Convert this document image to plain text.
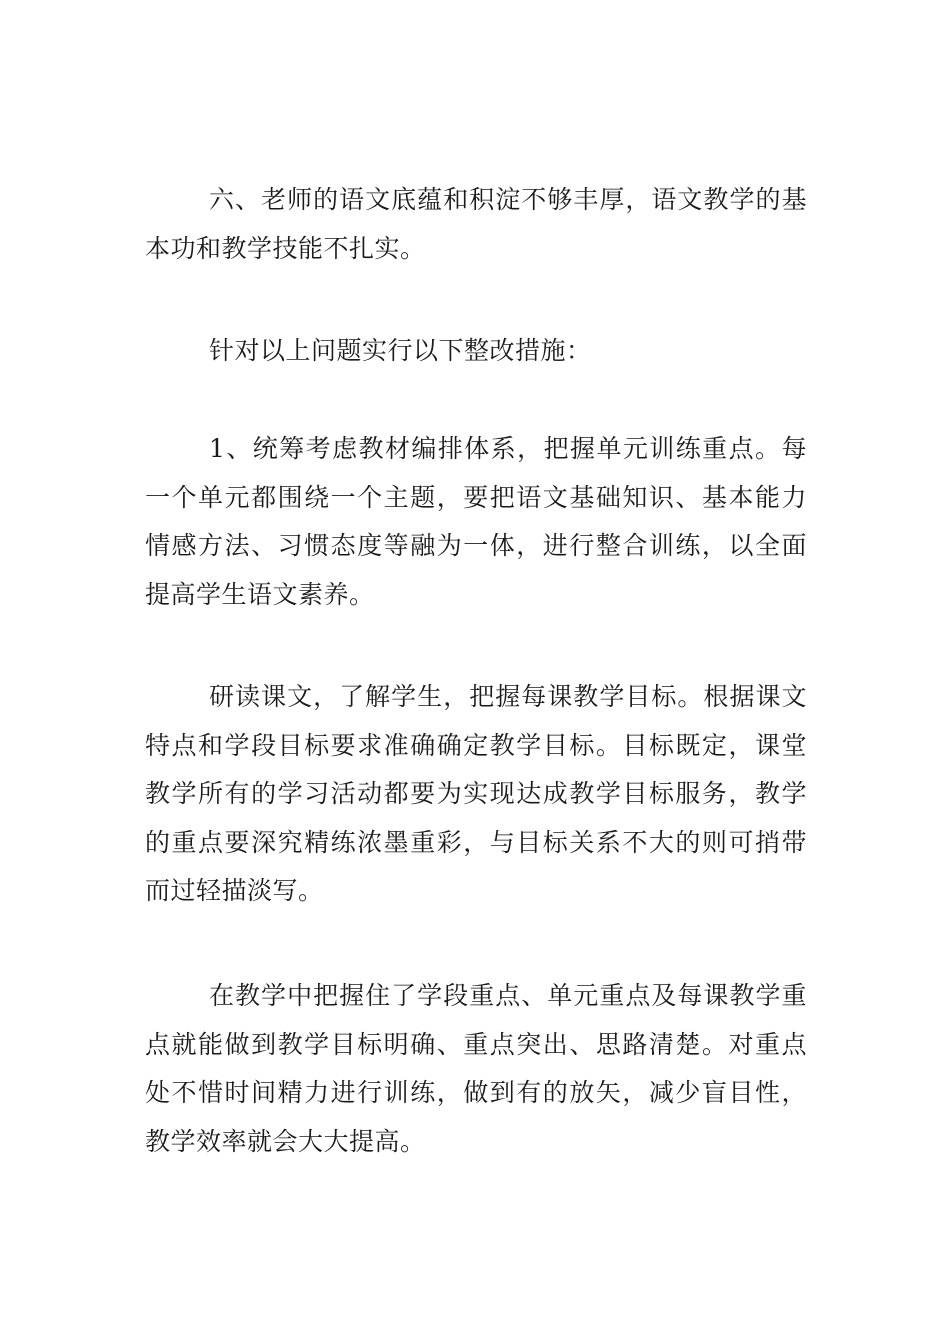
六、老师的语文底蕴和积淀不够丰厚，语文教学的基本功和教学技能不扎实。

针对以上问题实行以下整改措施：

1、统筹考虑教材编排体系，把握单元训练重点。每一个单元都围绕一个主题，要把语文基础知识、基本能力情感方法、习惯态度等融为一体，进行整合训练，以全面提高学生语文素养。

研读课文，了解学生，把握每课教学目标。根据课文特点和学段目标要求准确确定教学目标。目标既定，课堂教学所有的学习活动都要为实现达成教学目标服务，教学的重点要深究精练浓墨重彩，与目标关系不大的则可捎带而过轻描淡写。

在教学中把握住了学段重点、单元重点及每课教学重点就能做到教学目标明确、重点突出、思路清楚。对重点处不惜时间精力进行训练，做到有的放矢，减少盲目性，教学效率就会大大提高。
